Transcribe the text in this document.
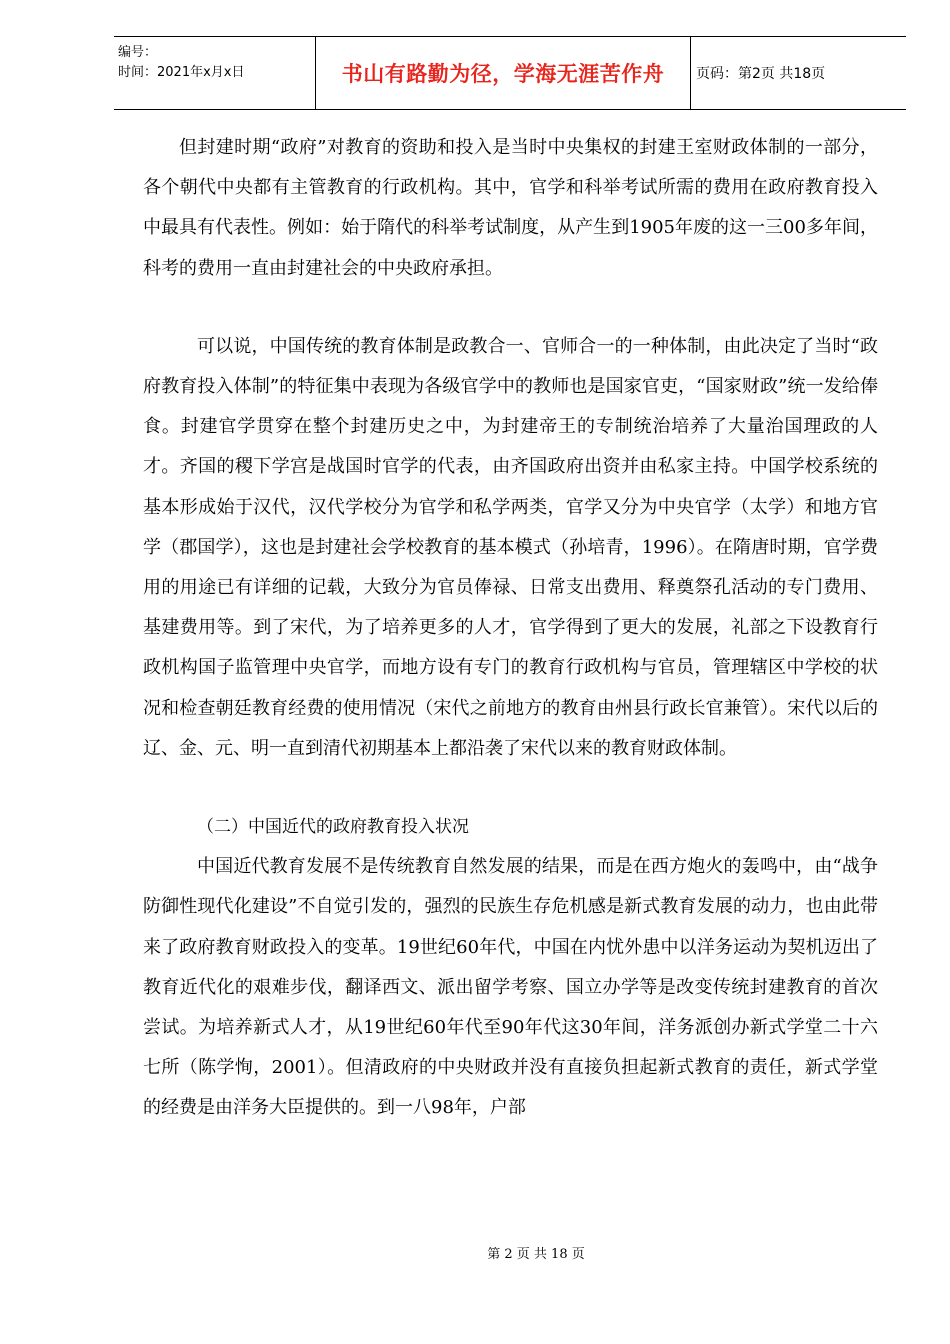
编号：
时间：2021年x月x日	书山有路勤为径，学海无涯苦作舟	页码：第2页 共18页

但封建时期“政府”对教育的资助和投入是当时中央集权的封建王室财政体制的一部分，各个朝代中央都有主管教育的行政机构。其中，官学和科举考试所需的费用在政府教育投入中最具有代表性。例如：始于隋代的科举考试制度，从产生到1905年废的这一三00多年间，科考的费用一直由封建社会的中央政府承担。

可以说，中国传统的教育体制是政教合一、官师合一的一种体制，由此决定了当时“政府教育投入体制”的特征集中表现为各级官学中的教师也是国家官吏，“国家财政”统一发给俸食。封建官学贯穿在整个封建历史之中，为封建帝王的专制统治培养了大量治国理政的人才。齐国的稷下学宫是战国时官学的代表，由齐国政府出资并由私家主持。中国学校系统的基本形成始于汉代，汉代学校分为官学和私学两类，官学又分为中央官学（太学）和地方官学（郡国学），这也是封建社会学校教育的基本模式（孙培青，1996）。在隋唐时期，官学费用的用途已有详细的记载，大致分为官员俸禄、日常支出费用、释奠祭孔活动的专门费用、基建费用等。到了宋代，为了培养更多的人才，官学得到了更大的发展，礼部之下设教育行政机构国子监管理中央官学，而地方设有专门的教育行政机构与官员，管理辖区中学校的状况和检查朝廷教育经费的使用情况（宋代之前地方的教育由州县行政长官兼管）。宋代以后的辽、金、元、明一直到清代初期基本上都沿袭了宋代以来的教育财政体制。

（二）中国近代的政府教育投入状况

中国近代教育发展不是传统教育自然发展的结果，而是在西方炮火的轰鸣中，由“战争防御性现代化建设”不自觉引发的，强烈的民族生存危机感是新式教育发展的动力，也由此带来了政府教育财政投入的变革。19世纪60年代，中国在内忧外患中以洋务运动为契机迈出了教育近代化的艰难步伐，翻译西文、派出留学考察、国立办学等是改变传统封建教育的首次尝试。为培养新式人才，从19世纪60年代至90年代这30年间，洋务派创办新式学堂二十六七所（陈学恂，2001）。但清政府的中央财政并没有直接负担起新式教育的责任，新式学堂的经费是由洋务大臣提供的。到一八98年，户部

第 2 页 共 18 页
